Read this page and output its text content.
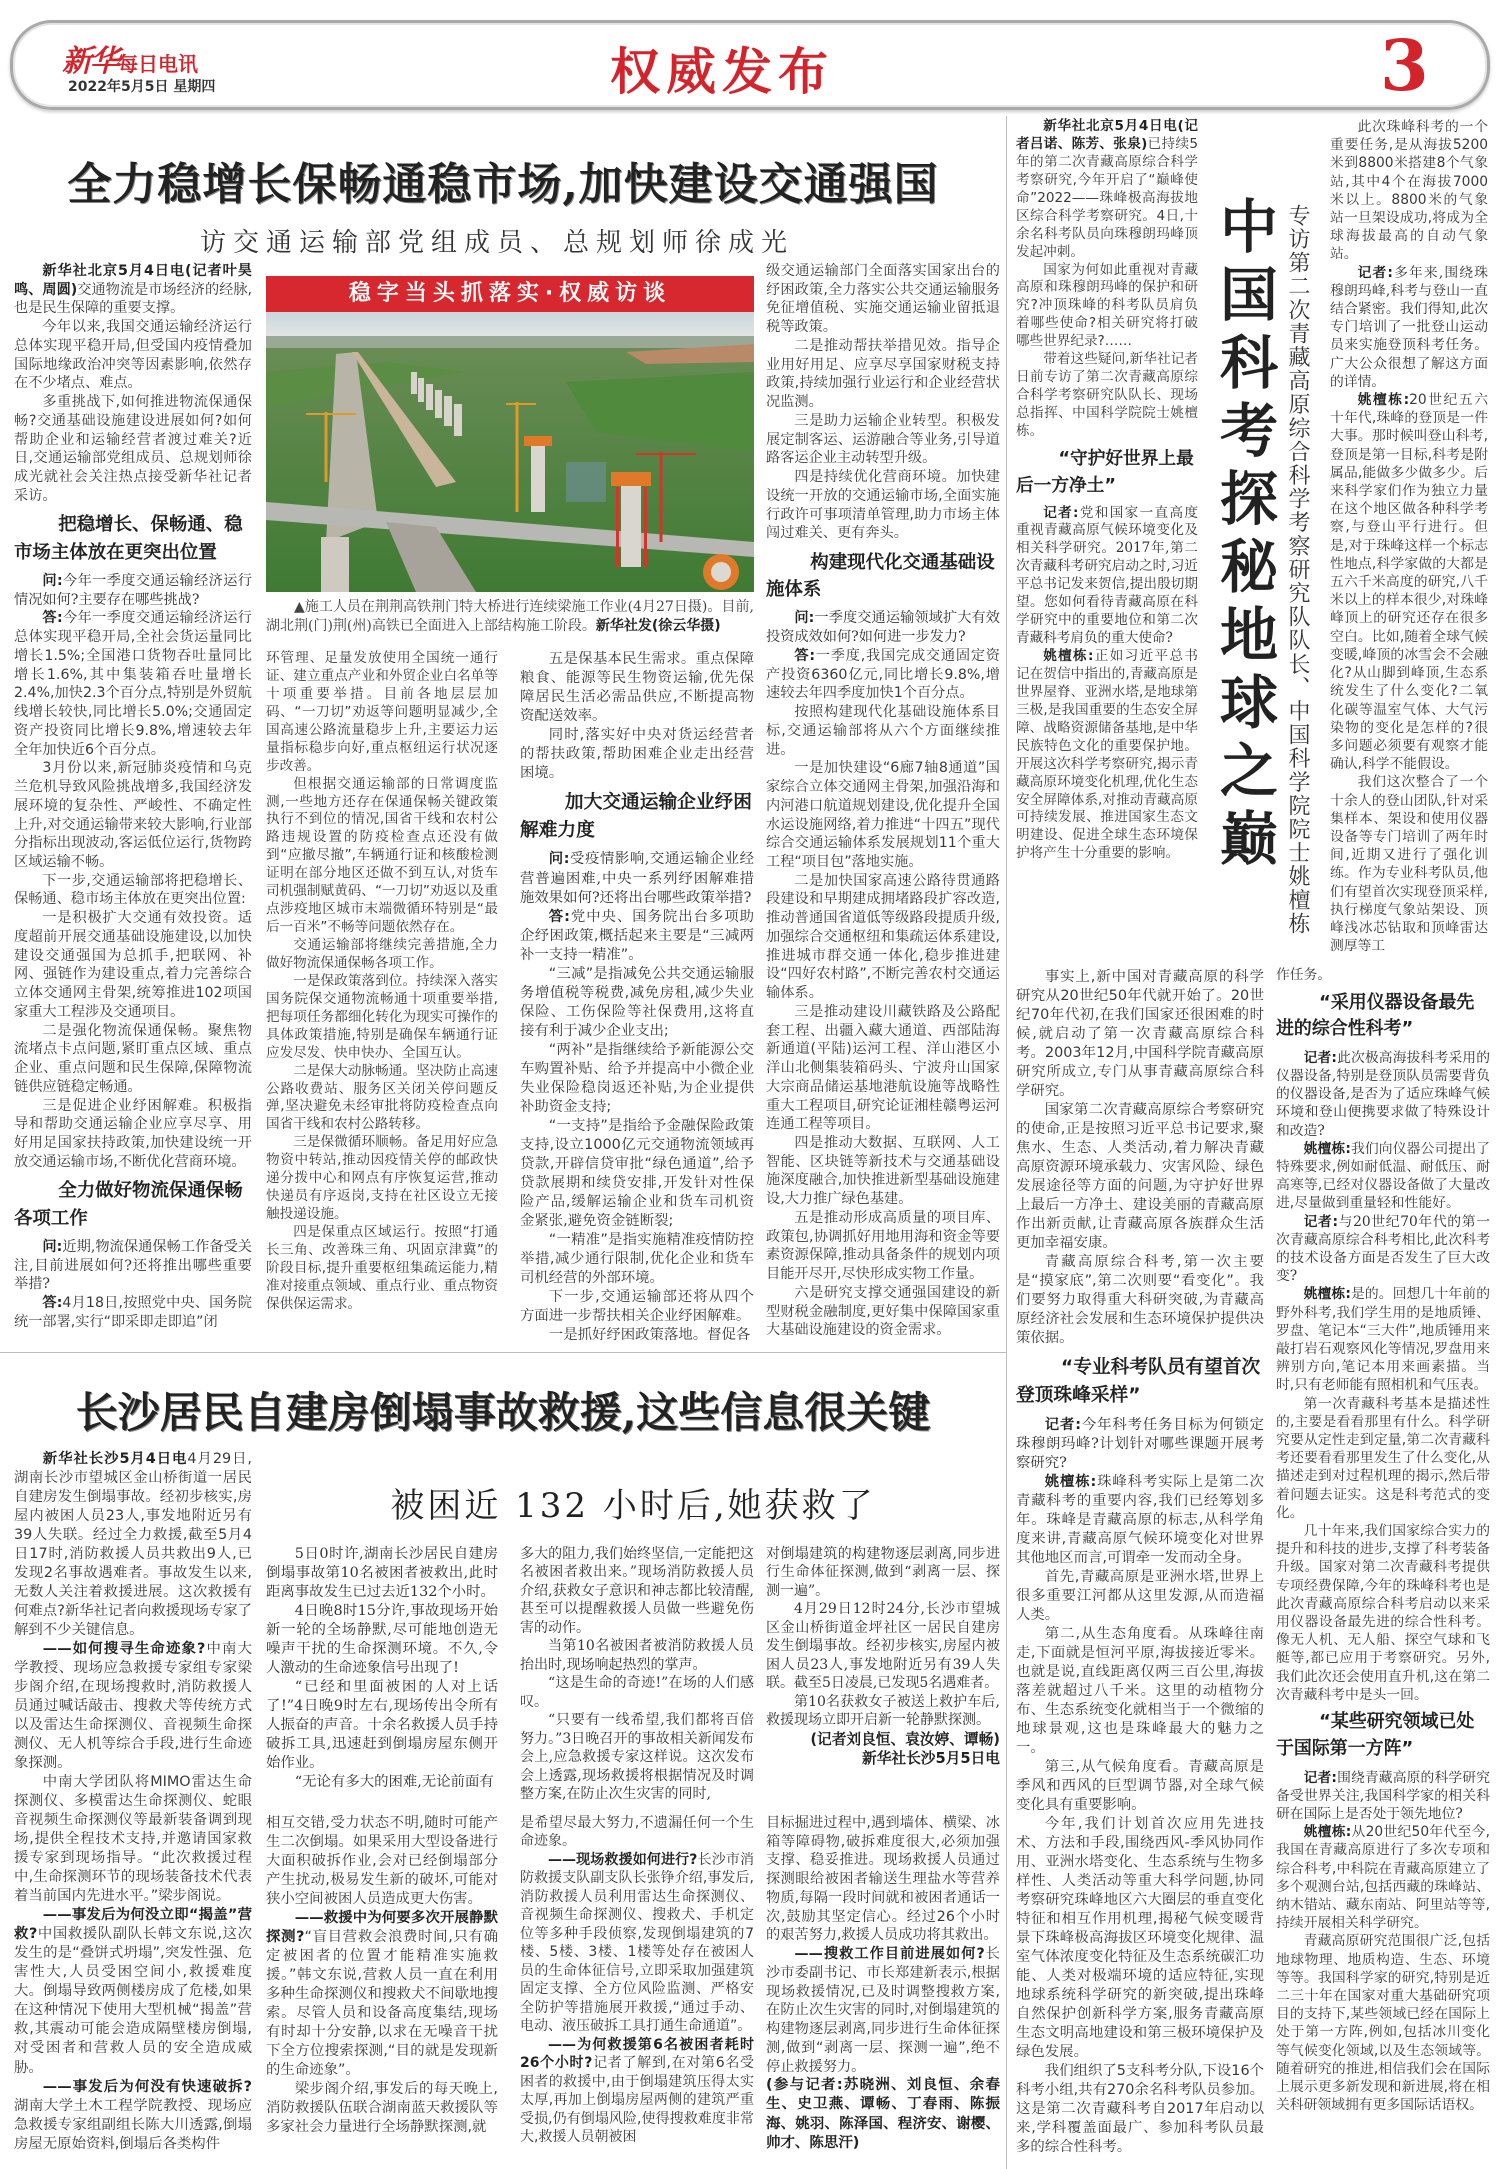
新华每日电讯
2022年5月5日 星期四	权威发布	3
全力稳增长保畅通稳市场,加快建设交通强国
访交通运输部党组成员、总规划师徐成光

新华社北京5月4日电(记者叶昊鸣、周圆)交通物流是市场经济的经脉,也是民生保障的重要支撑。

今年以来,我国交通运输经济运行总体实现平稳开局,但受国内疫情叠加国际地缘政治冲突等因素影响,依然存在不少堵点、难点。

多重挑战下,如何推进物流保通保畅?交通基础设施建设进展如何?如何帮助企业和运输经营者渡过难关?近日,交通运输部党组成员、总规划师徐成光就社会关注热点接受新华社记者采访。

把稳增长、保畅通、稳市场主体放在更突出位置

问:今年一季度交通运输经济运行情况如何?主要存在哪些挑战?

答:今年一季度交通运输经济运行总体实现平稳开局,全社会货运量同比增长1.5%;全国港口货物吞吐量同比增长1.6%,其中集装箱吞吐量增长2.4%,加快2.3个百分点,特别是外贸航线增长较快,同比增长5.0%;交通固定资产投资同比增长9.8%,增速较去年全年加快近6个百分点。

3月份以来,新冠肺炎疫情和乌克兰危机导致风险挑战增多,我国经济发展环境的复杂性、严峻性、不确定性上升,对交通运输带来较大影响,行业部分指标出现波动,客运低位运行,货物跨区域运输不畅。

下一步,交通运输部将把稳增长、保畅通、稳市场主体放在更突出位置:

一是积极扩大交通有效投资。适度超前开展交通基础设施建设,以加快建设交通强国为总抓手,把联网、补网、强链作为建设重点,着力完善综合立体交通网主骨架,统筹推进102项国家重大工程涉及交通项目。

二是强化物流保通保畅。聚焦物流堵点卡点问题,紧盯重点区域、重点企业、重点问题和民生保障,保障物流链供应链稳定畅通。

三是促进企业纾困解难。积极指导和帮助交通运输企业应享尽享、用好用足国家扶持政策,加快建设统一开放交通运输市场,不断优化营商环境。

全力做好物流保通保畅各项工作

问:近期,物流保通保畅工作备受关注,目前进展如何?还将推出哪些重要举措?

答:4月18日,按照党中央、国务院统一部署,实行“即采即走即追”闭

稳字当头抓落实·权威访谈
▲施工人员在荆荆高铁荆门特大桥进行连续梁施工作业(4月27日摄)。目前,湖北荆(门)荆(州)高铁已全面进入上部结构施工阶段。新华社发(徐云华摄)

环管理、足量发放使用全国统一通行证、建立重点产业和外贸企业白名单等十项重要举措。目前各地层层加码、“一刀切”劝返等问题明显减少,全国高速公路流量稳步上升,主要运力运量指标稳步向好,重点枢纽运行状况逐步改善。

但根据交通运输部的日常调度监测,一些地方还存在保通保畅关键政策执行不到位的情况,国省干线和农村公路违规设置的防疫检查点还没有做到“应撤尽撤”,车辆通行证和核酸检测证明在部分地区还做不到互认,对货车司机强制赋黄码、“一刀切”劝返以及重点涉疫地区城市末端微循环特别是“最后一百米”不畅等问题依然存在。

交通运输部将继续完善措施,全力做好物流保通保畅各项工作。

一是保政策落到位。持续深入落实国务院保交通物流畅通十项重要举措,把每项任务都细化转化为现实可操作的具体政策措施,特别是确保车辆通行证应发尽发、快申快办、全国互认。

二是保大动脉畅通。坚决防止高速公路收费站、服务区关闭关停问题反弹,坚决避免未经审批将防疫检查点向国省干线和农村公路转移。

三是保微循环顺畅。备足用好应急物资中转站,推动因疫情关停的邮政快递分拨中心和网点有序恢复运营,推动快递员有序返岗,支持在社区设立无接触投递设施。

四是保重点区域运行。按照“打通长三角、改善珠三角、巩固京津冀”的阶段目标,提升重要枢纽集疏运能力,精准对接重点领域、重点行业、重点物资保供保运需求。

五是保基本民生需求。重点保障粮食、能源等民生物资运输,优先保障居民生活必需品供应,不断提高物资配送效率。

同时,落实好中央对货运经营者的帮扶政策,帮助困难企业走出经营困境。

加大交通运输企业纾困解难力度

问:受疫情影响,交通运输企业经营普遍困难,中央一系列纾困解难措施效果如何?还将出台哪些政策举措?

答:党中央、国务院出台多项助企纾困政策,概括起来主要是“三减两补一支持一精准”。

“三减”是指减免公共交通运输服务增值税等税费,减免房租,减少失业保险、工伤保险等社保费用,这将直接有利于减少企业支出;

“两补”是指继续给予新能源公交车购置补贴、给予并提高中小微企业失业保险稳岗返还补贴,为企业提供补助资金支持;

“一支持”是指给予金融保险政策支持,设立1000亿元交通物流领域再贷款,开辟信贷审批“绿色通道”,给予贷款展期和续贷安排,开发针对性保险产品,缓解运输企业和货车司机资金紧张,避免资金链断裂;

“一精准”是指实施精准疫情防控举措,减少通行限制,优化企业和货车司机经营的外部环境。

下一步,交通运输部还将从四个方面进一步帮扶相关企业纾困解难。

一是抓好纾困政策落地。督促各

级交通运输部门全面落实国家出台的纾困政策,全力落实公共交通运输服务免征增值税、实施交通运输业留抵退税等政策。

二是推动帮扶举措见效。指导企业用好用足、应享尽享国家财税支持政策,持续加强行业运行和企业经营状况监测。

三是助力运输企业转型。积极发展定制客运、运游融合等业务,引导道路客运企业主动转型升级。

四是持续优化营商环境。加快建设统一开放的交通运输市场,全面实施行政许可事项清单管理,助力市场主体闯过难关、更有奔头。

构建现代化交通基础设施体系

问:一季度交通运输领域扩大有效投资成效如何?如何进一步发力?

答:一季度,我国完成交通固定资产投资6360亿元,同比增长9.8%,增速较去年四季度加快1个百分点。

按照构建现代化基础设施体系目标,交通运输部将从六个方面继续推进。

一是加快建设“6廊7轴8通道”国家综合立体交通网主骨架,加强沿海和内河港口航道规划建设,优化提升全国水运设施网络,着力推进“十四五”现代综合交通运输体系发展规划11个重大工程“项目包”落地实施。

二是加快国家高速公路待贯通路段建设和早期建成拥堵路段扩容改造,推动普通国省道低等级路段提质升级,加强综合交通枢纽和集疏运体系建设,推进城市群交通一体化,稳步推进建设“四好农村路”,不断完善农村交通运输体系。

三是推动建设川藏铁路及公路配套工程、出疆入藏大通道、西部陆海新通道(平陆)运河工程、洋山港区小洋山北侧集装箱码头、宁波舟山国家大宗商品储运基地港航设施等战略性重大工程项目,研究论证湘桂赣粤运河连通工程等项目。

四是推动大数据、互联网、人工智能、区块链等新技术与交通基础设施深度融合,加快推进新型基础设施建设,大力推广绿色基建。

五是推动形成高质量的项目库、政策包,协调抓好用地用海和资金等要素资源保障,推动具备条件的规划内项目能开尽开,尽快形成实物工作量。

六是研究支撑交通强国建设的新型财税金融制度,更好集中保障国家重大基础设施建设的资金需求。

新华社北京5月4日电(记者吕诺、陈芳、张泉)已持续5年的第二次青藏高原综合科学考察研究,今年开启了“巅峰使命”2022——珠峰极高海拔地区综合科学考察研究。4日,十余名科考队员向珠穆朗玛峰顶发起冲刺。

国家为何如此重视对青藏高原和珠穆朗玛峰的保护和研究?冲顶珠峰的科考队员肩负着哪些使命?相关研究将打破哪些世界纪录?……

带着这些疑问,新华社记者日前专访了第二次青藏高原综合科学考察研究队队长、现场总指挥、中国科学院院士姚檀栋。

“守护好世界上最后一方净土”

记者:党和国家一直高度重视青藏高原气候环境变化及相关科学研究。2017年,第二次青藏科考研究启动之时,习近平总书记发来贺信,提出殷切期望。您如何看待青藏高原在科学研究中的重要地位和第二次青藏科考肩负的重大使命?

姚檀栋:正如习近平总书记在贺信中指出的,青藏高原是世界屋脊、亚洲水塔,是地球第三极,是我国重要的生态安全屏障、战略资源储备基地,是中华民族特色文化的重要保护地。开展这次科学考察研究,揭示青藏高原环境变化机理,优化生态安全屏障体系,对推动青藏高原可持续发展、推进国家生态文明建设、促进全球生态环境保护将产生十分重要的影响。 中国科考探秘地球之巅 专访第二次青藏高原综合科学考察研究队队长、中国科学院院士姚檀栋

此次珠峰科考的一个重要任务,是从海拔5200米到8800米搭建8个气象站,其中4个在海拔7000米以上。8800米的气象站一旦架设成功,将成为全球海拔最高的自动气象站。

记者:多年来,围绕珠穆朗玛峰,科考与登山一直结合紧密。我们得知,此次专门培训了一批登山运动员来实施登顶科考任务。广大公众很想了解这方面的详情。

姚檀栋:20世纪五六十年代,珠峰的登顶是一件大事。那时候叫登山科考,登顶是第一目标,科考是附属品,能做多少做多少。后来科学家们作为独立力量在这个地区做各种科学考察,与登山平行进行。但是,对于珠峰这样一个标志性地点,科学家做的大都是五六千米高度的研究,八千米以上的样本很少,对珠峰峰顶上的研究还存在很多空白。比如,随着全球气候变暖,峰顶的冰雪会不会融化?从山脚到峰顶,生态系统发生了什么变化?二氧化碳等温室气体、大气污染物的变化是怎样的?很多问题必须要有观察才能确认,科学不能假设。

我们这次整合了一个十余人的登山团队,针对采集样本、架设和使用仪器设备等专门培训了两年时间,近期又进行了强化训练。作为专业科考队员,他们有望首次实现登顶采样,执行梯度气象站架设、顶峰浅冰芯钻取和顶峰雷达测厚等工

事实上,新中国对青藏高原的科学研究从20世纪50年代就开始了。20世纪70年代初,在我们国家还很困难的时候,就启动了第一次青藏高原综合科考。2003年12月,中国科学院青藏高原研究所成立,专门从事青藏高原综合科学研究。

国家第二次青藏高原综合考察研究的使命,正是按照习近平总书记要求,聚焦水、生态、人类活动,着力解决青藏高原资源环境承载力、灾害风险、绿色发展途径等方面的问题,为守护好世界上最后一方净土、建设美丽的青藏高原作出新贡献,让青藏高原各族群众生活更加幸福安康。

青藏高原综合科考,第一次主要是“摸家底”,第二次则要“看变化”。我们要努力取得重大科研突破,为青藏高原经济社会发展和生态环境保护提供决策依据。

“专业科考队员有望首次登顶珠峰采样”

记者:今年科考任务目标为何锁定珠穆朗玛峰?计划针对哪些课题开展考察研究?

姚檀栋:珠峰科考实际上是第二次青藏科考的重要内容,我们已经筹划多年。珠峰是青藏高原的标志,从科学角度来讲,青藏高原气候环境变化对世界其他地区而言,可谓牵一发而动全身。

首先,青藏高原是亚洲水塔,世界上很多重要江河都从这里发源,从而造福人类。

第二,从生态角度看。从珠峰往南走,下面就是恒河平原,海拔接近零米。也就是说,直线距离仅两三百公里,海拔落差就超过八千米。这里的动植物分布、生态系统变化就相当于一个微缩的地球景观,这也是珠峰最大的魅力之一。

第三,从气候角度看。青藏高原是季风和西风的巨型调节器,对全球气候变化具有重要影响。

今年,我们计划首次应用先进技术、方法和手段,围绕西风-季风协同作用、亚洲水塔变化、生态系统与生物多样性、人类活动等重大科学问题,协同考察研究珠峰地区六大圈层的垂直变化特征和相互作用机理,揭秘气候变暖背景下珠峰极高海拔区环境变化规律、温室气体浓度变化特征及生态系统碳汇功能、人类对极端环境的适应特征,实现地球系统科学研究的新突破,提出珠峰自然保护创新科学方案,服务青藏高原生态文明高地建设和第三极环境保护及绿色发展。

我们组织了5支科考分队,下设16个科考小组,共有270余名科考队员参加。这是第二次青藏科考自2017年启动以来,学科覆盖面最广、参加科考队员最多的综合性科考。

作任务。

“采用仪器设备最先进的综合性科考”

记者:此次极高海拔科考采用的仪器设备,特别是登顶队员需要背负的仪器设备,是否为了适应珠峰气候环境和登山便携要求做了特殊设计和改造?

姚檀栋:我们向仪器公司提出了特殊要求,例如耐低温、耐低压、耐高寒等,已经对仪器设备做了大量改进,尽量做到重量轻和性能好。

记者:与20世纪70年代的第一次青藏高原综合科考相比,此次科考的技术设备方面是否发生了巨大改变?

姚檀栋:是的。回想几十年前的野外科考,我们学生用的是地质锤、罗盘、笔记本“三大件”,地质锤用来敲打岩石观察风化等情况,罗盘用来辨别方向,笔记本用来画素描。当时,只有老师能有照相机和气压表。

第一次青藏科考基本是描述性的,主要是看看那里有什么。科学研究要从定性走到定量,第二次青藏科考还要看看那里发生了什么变化,从描述走到对过程机理的揭示,然后带着问题去证实。这是科考范式的变化。

几十年来,我们国家综合实力的提升和科技的进步,支撑了科考装备升级。国家对第二次青藏科考提供专项经费保障,今年的珠峰科考也是此次青藏高原综合科考启动以来采用仪器设备最先进的综合性科考。像无人机、无人船、探空气球和飞艇等,都已应用于考察研究。另外,我们此次还会使用直升机,这在第二次青藏科考中是头一回。

“某些研究领域已处于国际第一方阵”

记者:围绕青藏高原的科学研究备受世界关注,我国科学家的相关科研在国际上是否处于领先地位?

姚檀栋:从20世纪50年代至今,我国在青藏高原进行了多次专项和综合科考,中科院在青藏高原建立了多个观测台站,包括西藏的珠峰站、纳木错站、藏东南站、阿里站等等,持续开展相关科学研究。

青藏高原研究范围很广泛,包括地球物理、地质构造、生态、环境等等。我国科学家的研究,特别是近二三十年在国家对重大基础研究项目的支持下,某些领域已经在国际上处于第一方阵,例如,包括冰川变化等气候变化领域,以及生态领域等。随着研究的推进,相信我们会在国际上展示更多新发现和新进展,将在相关科研领域拥有更多国际话语权。

长沙居民自建房倒塌事故救援,这些信息很关键

新华社长沙5月4日电4月29日,湖南长沙市望城区金山桥街道一居民自建房发生倒塌事故。经初步核实,房屋内被困人员23人,事发地附近另有39人失联。经过全力救援,截至5月4日17时,消防救援人员共救出9人,已发现2名事故遇难者。事故发生以来,无数人关注着救援进展。这次救援有何难点?新华社记者向救援现场专家了解到不少关键信息。

——如何搜寻生命迹象?中南大学教授、现场应急救援专家组专家梁步阁介绍,在现场搜救时,消防救援人员通过喊话敲击、搜救犬等传统方式以及雷达生命探测仪、音视频生命探测仪、无人机等综合手段,进行生命迹象探测。

中南大学团队将MIMO雷达生命探测仪、多模雷达生命探测仪、蛇眼音视频生命探测仪等最新装备调到现场,提供全程技术支持,并邀请国家救援专家到现场指导。“此次救援过程中,生命探测环节的现场装备技术代表着当前国内先进水平。”梁步阁说。

——事发后为何没立即“揭盖”营救?中国救援队副队长韩文东说,这次发生的是“叠饼式坍塌”,突发性强、危害性大,人员受困空间小,救援难度大。倒塌导致两侧楼房成了危楼,如果在这种情况下使用大型机械“揭盖”营救,其震动可能会造成隔壁楼房倒塌,对受困者和营救人员的安全造成威胁。

——事发后为何没有快速破拆?湖南大学土木工程学院教授、现场应急救援专家组副组长陈大川透露,倒塌房屋无原始资料,倒塌后各类构件

被困近 132 小时后,她获救了

5日0时许,湖南长沙居民自建房倒塌事故第10名被困者被救出,此时距离事故发生已过去近132个小时。

4日晚8时15分许,事故现场开始新一轮的全场静默,尽可能地创造无噪声干扰的生命探测环境。不久,令人激动的生命迹象信号出现了!

“已经和里面被困的人对上话了!”4日晚9时左右,现场传出令所有人振奋的声音。十余名救援人员手持破拆工具,迅速赶到倒塌房屋东侧开始作业。

“无论有多大的困难,无论前面有

多大的阻力,我们始终坚信,一定能把这名被困者救出来。”现场消防救援人员介绍,获救女子意识和神志都比较清醒,甚至可以提醒救援人员做一些避免伤害的动作。

当第10名被困者被消防救援人员抬出时,现场响起热烈的掌声。

“这是生命的奇迹!”在场的人们感叹。

“只要有一线希望,我们都将百倍努力。”3日晚召开的事故相关新闻发布会上,应急救援专家这样说。这次发布会上透露,现场救援将根据情况及时调整方案,在防止次生灾害的同时,

对倒塌建筑的构建物逐层剥离,同步进行生命体征探测,做到“剥离一层、探测一遍”。

4月29日12时24分,长沙市望城区金山桥街道金坪社区一居民自建房发生倒塌事故。经初步核实,房屋内被困人员23人,事发地附近另有39人失联。截至5日凌晨,已发现5名遇难者。

第10名获救女子被送上救护车后,救援现场立即开启新一轮静默探测。

(记者刘良恒、袁汝婷、谭畅)

新华社长沙5月5日电

相互交错,受力状态不明,随时可能产生二次倒塌。如果采用大型设备进行大面积破拆作业,会对已经倒塌部分产生扰动,极易发生新的破坏,可能对狭小空间被困人员造成更大伤害。

——救援中为何要多次开展静默探测?“盲目营救会浪费时间,只有确定被困者的位置才能精准实施救援。”韩文东说,营救人员一直在利用多种生命探测仪和搜救犬不间歇地搜索。尽管人员和设备高度集结,现场有时却十分安静,以求在无噪音干扰下全方位搜索探测,“目的就是发现新的生命迹象”。

梁步阁介绍,事发后的每天晚上,消防救援队伍联合湖南蓝天救援队等多家社会力量进行全场静默探测,就

是希望尽最大努力,不遗漏任何一个生命迹象。

——现场救援如何进行?长沙市消防救援支队副支队长张铮介绍,事发后,消防救援人员利用雷达生命探测仪、音视频生命探测仪、搜救犬、手机定位等多种手段侦察,发现倒塌建筑的7楼、5楼、3楼、1楼等处存在被困人员的生命体征信号,立即采取加强建筑固定支撑、全方位风险监测、严格安全防护等措施展开救援,“通过手动、电动、液压破拆工具打通生命通道”。

——为何救援第6名被困者耗时26个小时?记者了解到,在对第6名受困者的救援中,由于倒塌建筑压得太实太厚,再加上倒塌房屋两侧的建筑严重受损,仍有倒塌风险,使得搜救难度非常大,救援人员朝被困

目标掘进过程中,遇到墙体、横梁、冰箱等障碍物,破拆难度很大,必须加强支撑、稳妥推进。现场救援人员通过探测眼给被困者输送生理盐水等营养物质,每隔一段时间就和被困者通话一次,鼓励其坚定信心。经过26个小时的艰苦努力,救援人员成功将其救出。

——搜救工作目前进展如何?长沙市委副书记、市长郑建新表示,根据现场救援情况,已及时调整搜救方案,在防止次生灾害的同时,对倒塌建筑的构建物逐层剥离,同步进行生命体征探测,做到“剥离一层、探测一遍”,绝不停止救援努力。

(参与记者:苏晓洲、刘良恒、余春生、史卫燕、谭畅、丁春雨、陈振海、姚羽、陈泽国、程济安、谢樱、帅才、陈思汗)
